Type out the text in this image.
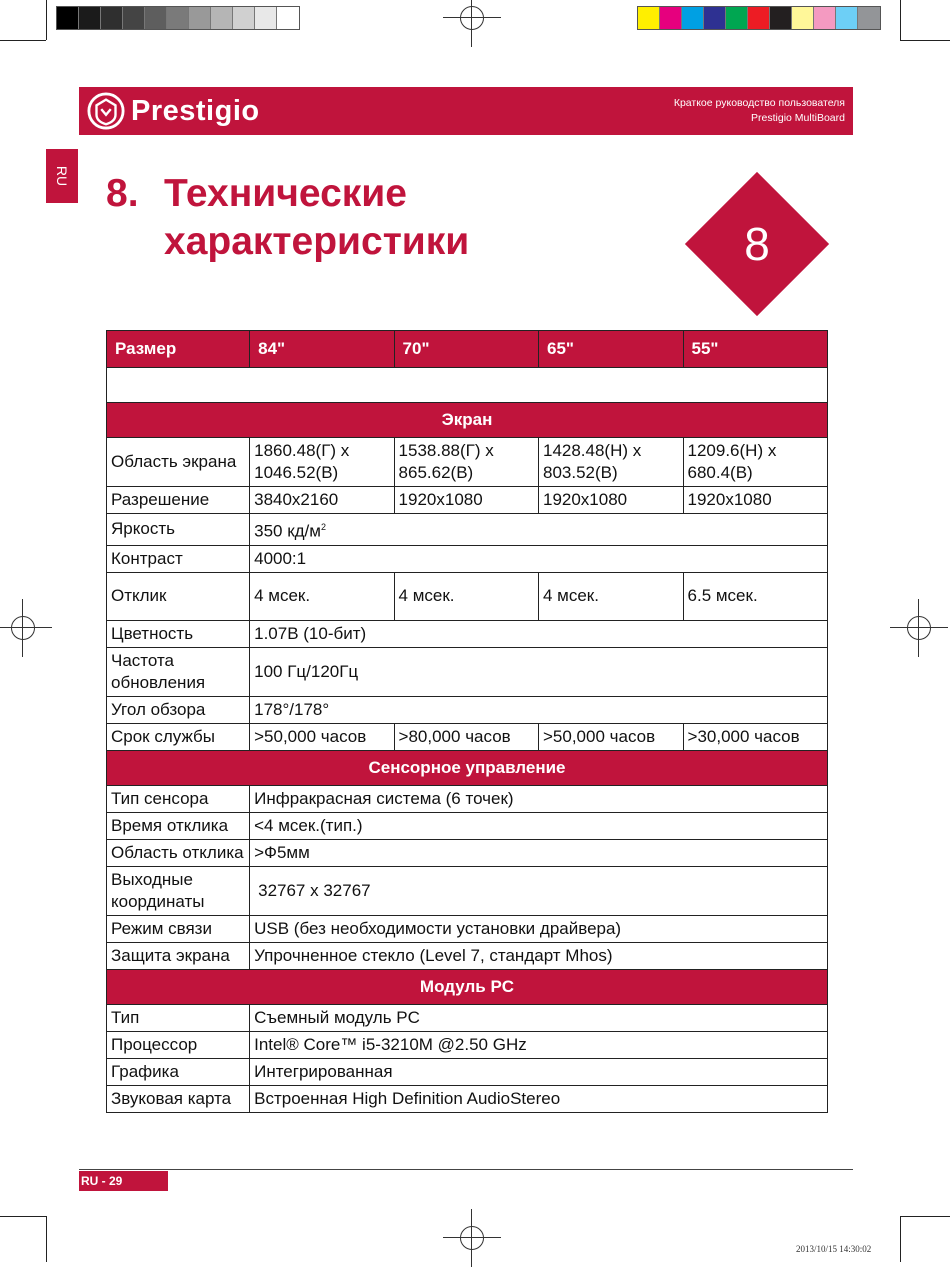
Prestigio	Краткое руководство пользователя
Prestigio MultiBoard
RU 8. Технические
характеристики	8
Размер	84"	70"	65"	55"

Экран				
Область экрана	1860.48(Г) x 1046.52(В)	1538.88(Г) x 865.62(В)	1428.48(Н) x 803.52(В)	1209.6(Н) x 680.4(В)
Разрешение	3840x2160	1920x1080	1920x1080	1920x1080
Яркость	350 $кд/м^2$
Контраст	4000:1			
Отклик	4 мсек.	4 мсек.	4 мсек.	6.5 мсек.
Цветность	1.07B (10-бит)			
Частота обновления	100 Гц/120Гц			
Угол обзора	178°/178°			
Срок службы	>50,000 часов	>80,000 часов	>50,000 часов	>30,000 часов
Сенсорное управление				
Тип сенсора	Инфракрасная система (6 точек)			
Время отклика	<4 мсек.(тип.)			
Область отклика	>Ф5мм			
Выходные координаты	32767 x 32767			
Режим связи	USB (без необходимости установки драйвера)			
Защита экрана	Упрочненное стекло (Level 7, стандарт Mhos)			
Модуль PC				
Тип	Съемный модуль PC			
Процессор	Intel® Core™ i5-3210M @2.50 GHz			
Графика	Интегрированная			
Звуковая карта	Встроенная High Definition AudioStereo			
RU - 29
2013/10/15 14:30:02
